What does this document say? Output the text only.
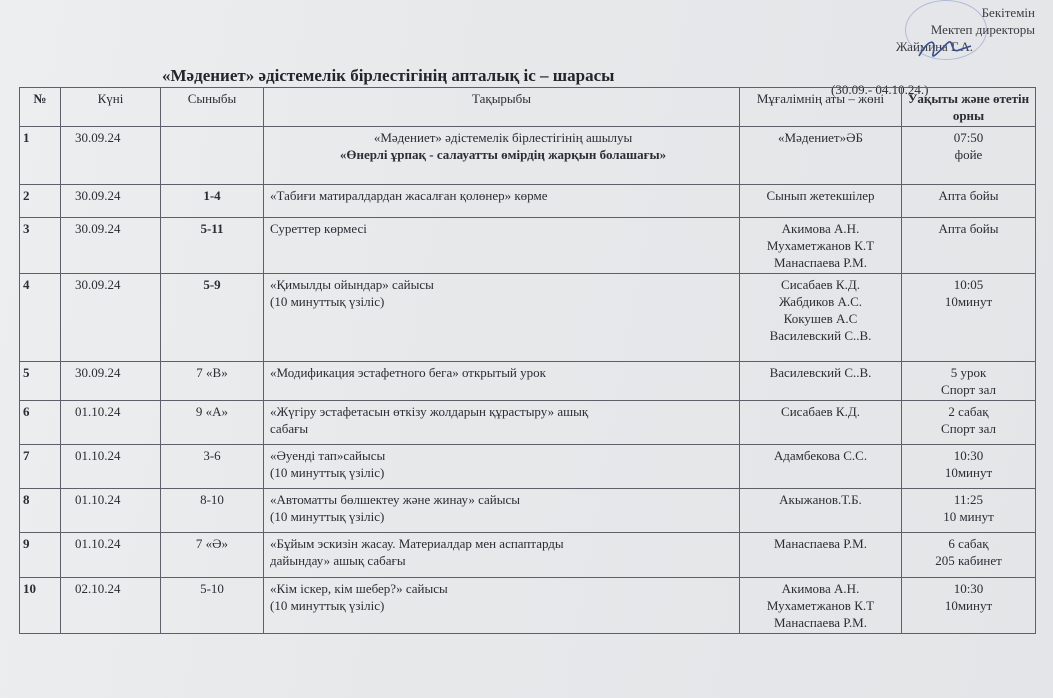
Бекітемін
Мектеп директоры
Жаймина Г.А.
«Мәдениет» әдістемелік бірлестігінің апталық іс – шарасы
(30.09.- 04.10.24.)
№	Күні	Сыныбы	Тақырыбы	Мұғалімнің аты – жөні	Уақыты және өтетін орны
1	30.09.24		«Мәдениет» әдістемелік бірлестігінің ашылуы
«Өнерлі ұрпақ - салауатты өмірдің жарқын болашағы»	«Мәдениет»ӘБ	07:50
фойе

2	30.09.24	1-4	«Табиғи матиралдардан жасалған қолөнер» көрме	Сынып жетекшілер	Апта бойы

3	30.09.24	5-11	Суреттер көрмесі	Акимова А.Н.
Мухаметжанов К.Т
Манаспаева Р.М.	Апта бойы

4	30.09.24	5-9	«Қимылды ойындар» сайысы
(10 минуттық үзіліс)	Сисабаев К.Д.
Жабдиков А.С.
Кокушев А.С
Василевский С..В.	10:05
10минут

5	30.09.24	7 «В»	«Модификация эстафетного бега» открытый урок	Василевский С..В.	5 урок
Спорт зал

6	01.10.24	9 «А»	«Жүгіру эстафетасын өткізу жолдарын құрастыру» ашық
сабағы	Сисабаев К.Д.	2 сабақ
Спорт зал

7	01.10.24	3-6	«Әуенді тап»сайысы
(10 минуттық үзіліс)	Адамбекова С.С.	10:30
10минут

8	01.10.24	8-10	«Автоматты бөлшектеу және жинау» сайысы
(10 минуттық үзіліс)	Акыжанов.Т.Б.	11:25
10 минут

9	01.10.24	7 «Ә»	«Бұйым эскизін жасау. Материалдар мен аспаптарды
дайындау» ашық сабағы	Манаспаева Р.М.	6 сабақ
205 кабинет

10	02.10.24	5-10	«Кім іскер, кім шебер?» сайысы
(10 минуттық үзіліс)	Акимова А.Н.
Мухаметжанов К.Т
Манаспаева Р.М.	10:30
10минут
